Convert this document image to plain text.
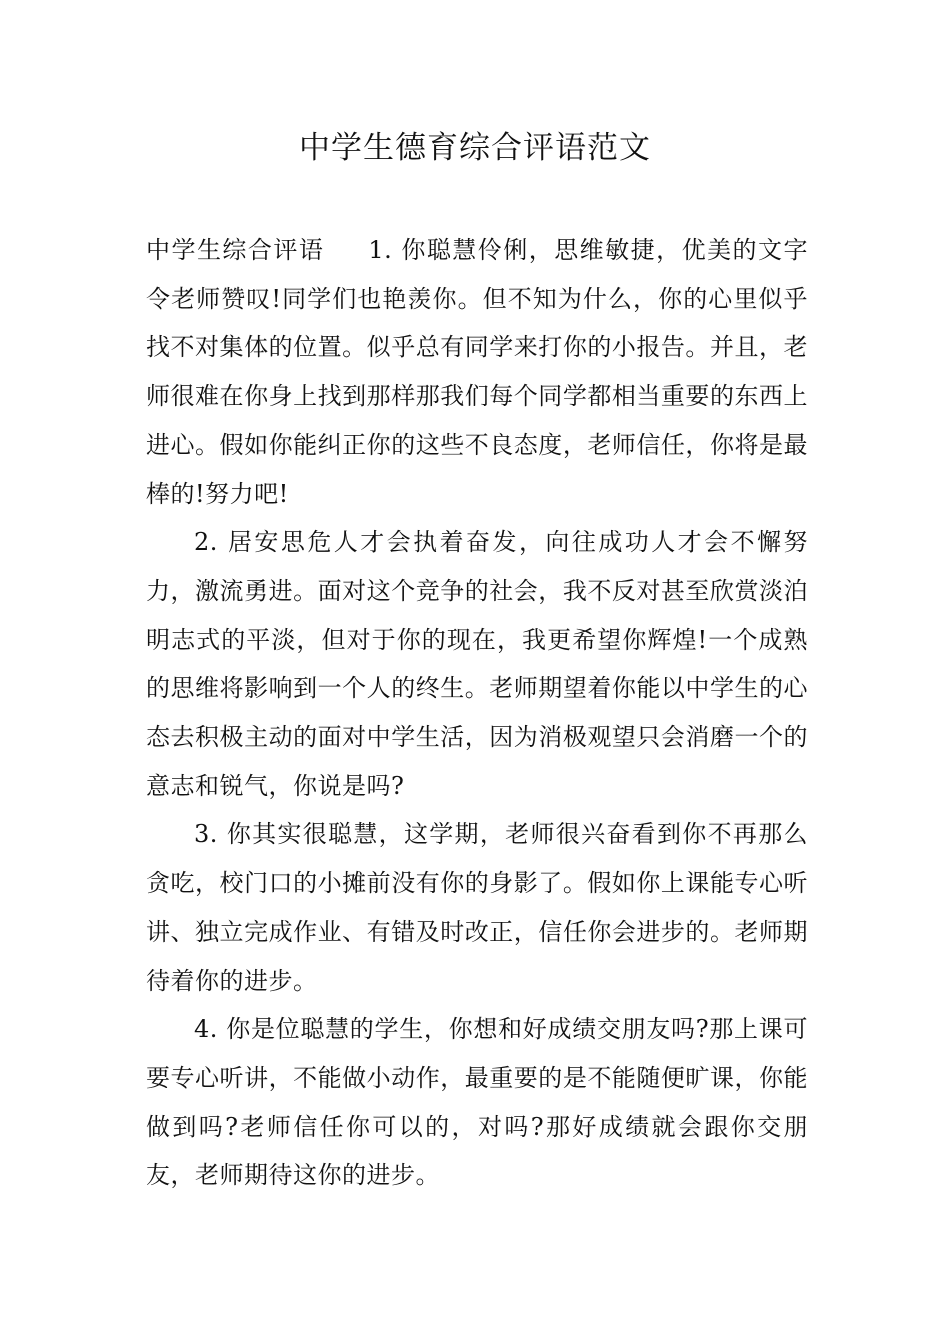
中学生德育综合评语范文

中学生综合评语 1. 你聪慧伶俐，思维敏捷，优美的文字令老师赞叹!同学们也艳羡你。但不知为什么，你的心里似乎找不对集体的位置。似乎总有同学来打你的小报告。并且，老师很难在你身上找到那样那我们每个同学都相当重要的东西上进心。假如你能纠正你的这些不良态度，老师信任，你将是最棒的!努力吧!

2. 居安思危人才会执着奋发，向往成功人才会不懈努力，激流勇进。面对这个竞争的社会，我不反对甚至欣赏淡泊明志式的平淡，但对于你的现在，我更希望你辉煌!一个成熟的思维将影响到一个人的终生。老师期望着你能以中学生的心态去积极主动的面对中学生活，因为消极观望只会消磨一个的意志和锐气，你说是吗?

3. 你其实很聪慧，这学期，老师很兴奋看到你不再那么贪吃，校门口的小摊前没有你的身影了。假如你上课能专心听讲、独立完成作业、有错及时改正，信任你会进步的。老师期待着你的进步。

4. 你是位聪慧的学生，你想和好成绩交朋友吗?那上课可要专心听讲，不能做小动作，最重要的是不能随便旷课，你能做到吗?老师信任你可以的，对吗?那好成绩就会跟你交朋友，老师期待这你的进步。
